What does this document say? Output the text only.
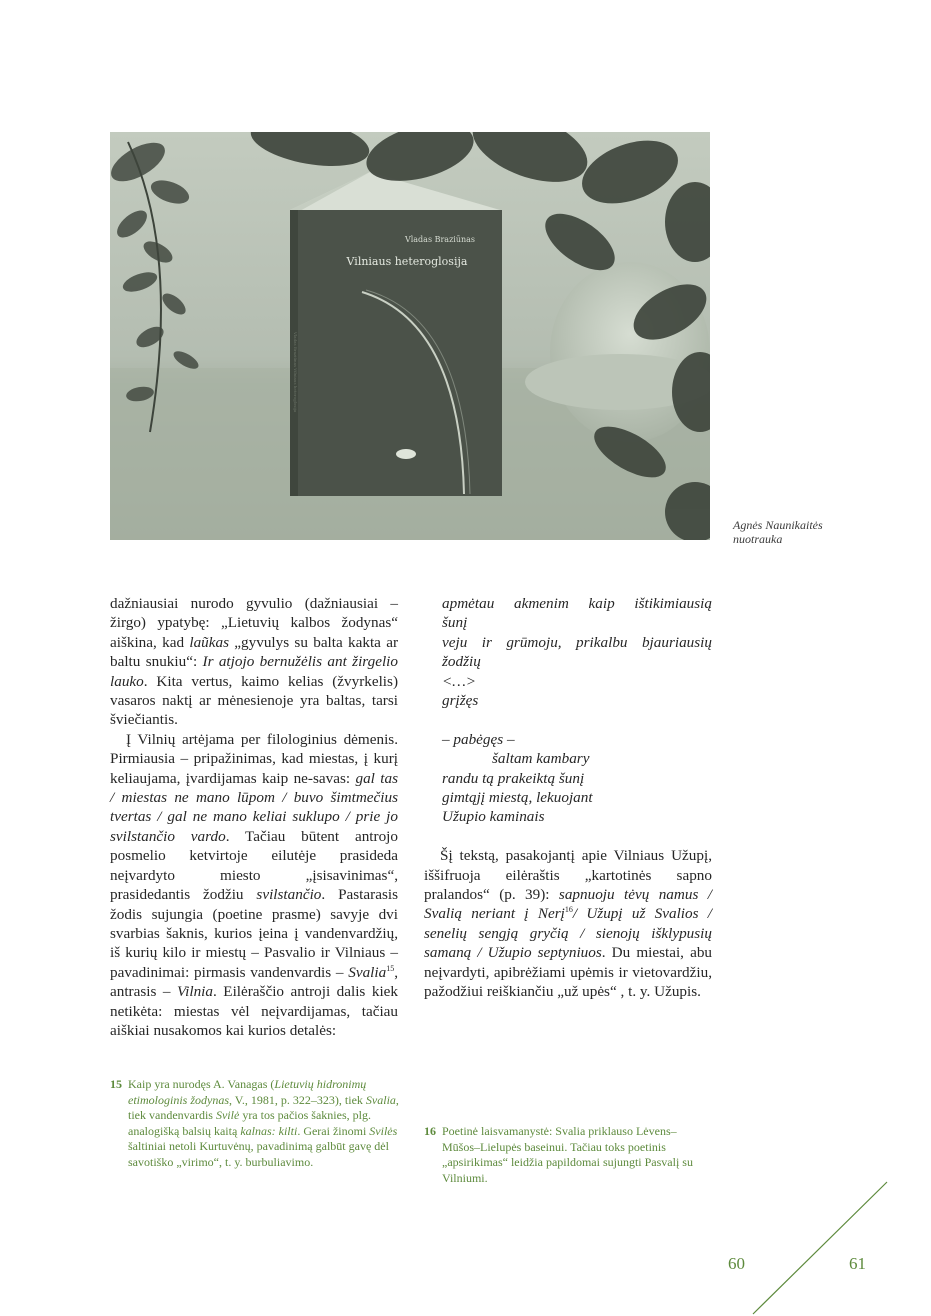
Vladas Braziūnas
Vilniaus heteroglosija
Vladas Braziūnas Vilniaus heteroglosija
Agnės Naunikaitės
nuotrauka

dažniausiai nurodo gyvulio (dažniausiai – žirgo) ypatybę: „Lietuvių kalbos žodynas“ aiškina, kad laũkas „gyvulys su balta kakta ar baltu snukiu“: Ir atjojo bernužėlis ant žirgelio lauko. Kita vertus, kaimo kelias (žvyrkelis) vasaros naktį ar mėnesienoje yra baltas, tarsi šviečiantis.

Į Vilnių artėjama per filologinius dėmenis. Pirmiausia – pripažinimas, kad miestas, į kurį keliaujama, įvardijamas kaip ne-savas: gal tas / miestas ne mano lūpom / buvo šimtmečius tvertas / gal ne mano keliai suklupo / prie jo svilstančio vardo. Tačiau būtent antrojo posmelio ketvirtoje eilutėje prasideda neįvardyto miesto „įsisavinimas“, prasidedantis žodžiu svilstančio. Pastarasis žodis sujungia (poetine prasme) savyje dvi svarbias šaknis, kurios įeina į vandenvardžių, iš kurių kilo ir miestų – Pasvalio ir Vilniaus – pavadinimai: pirmasis vandenvardis – Svalia$^{15}$, antrasis – Vilnia. Eilėraščio antroji dalis kiek netikėta: miestas vėl neįvardijamas, tačiau aiškiai nusakomos kai kurios detalės:

apmėtau akmenim kaip ištikimiausią
šunį
veju ir grūmoju, prikalbu bjauriausių
žodžių
<…>
grįžęs
– pabėgęs –
šaltam kambary
randu tą prakeiktą šunį
gimtąjį miestą, lekuojant
Užupio kaminais

Šį tekstą, pasakojantį apie Vilniaus Užupį, iššifruoja eilėraštis „kartotinės sapno pralandos“ (p. 39): sapnuoju tėvų namus / Svalią neriant į Nerį$^{16}$/ Užupį už Svalios / senelių sengją gryčią / sienojų išklypusių samaną / Užupio septyniuos. Du miestai, abu neįvardyti, apibrėžiami upėmis ir vietovardžiu, pažodžiui reiškiančiu „už upės“ , t. y. Užupis.

15 Kaip yra nurodęs A. Vanagas (Lietuvių hidronimų etimologinis žodynas, V., 1981, p. 322–323), tiek Svalia, tiek vandenvardis Svilė yra tos pačios šaknies, plg. analogišką balsių kaitą kalnas: kilti. Gerai žinomi Svilės šaltiniai netoli Kurtuvėnų, pavadinimą galbūt gavę dėl savotiško „virimo“, t. y. burbuliavimo.
16 Poetinė laisvamanystė: Svalia priklauso Lėvens–Mūšos–Lielupės baseinui. Tačiau toks poetinis „apsirikimas“ leidžia papildomai sujungti Pasvalį su Vilniumi.
60	61
